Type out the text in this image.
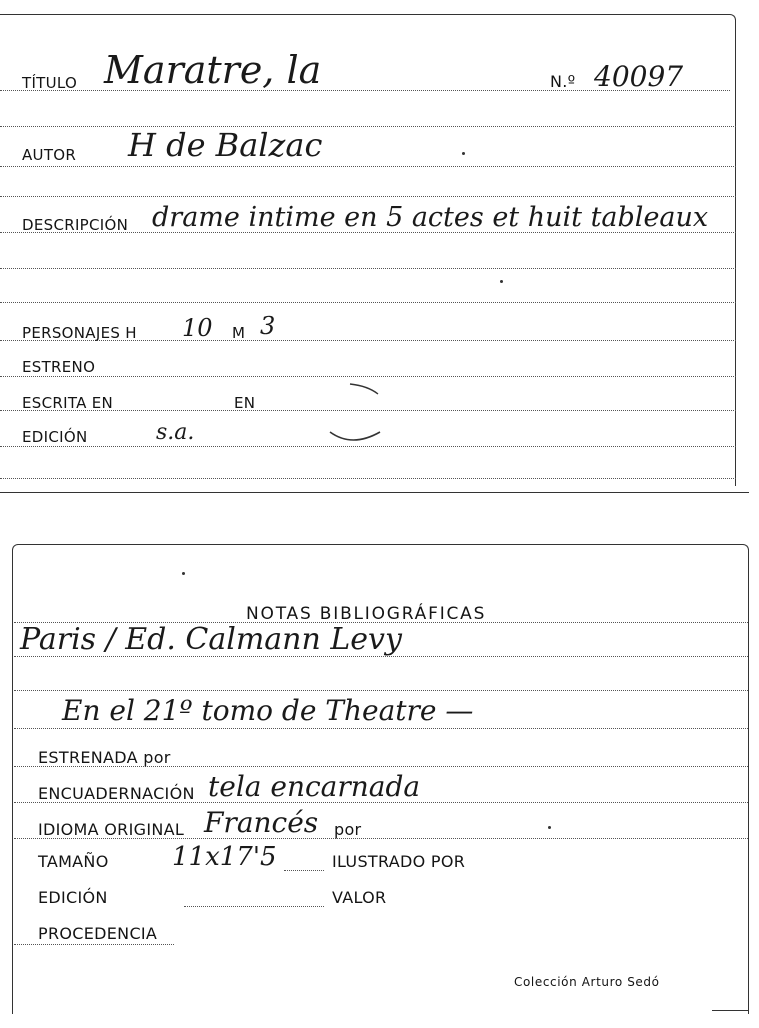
TÍTULO Maratre, la	N.º 40097
AUTOR H de Balzac
DESCRIPCIÓN drame intime en 5 actes et huit tableaux
PERSONAJES H 10 M 3
ESTRENO
ESCRITA EN	EN
EDICIÓN	s.a.
NOTAS BIBLIOGRÁFICAS
Paris / Ed. Calmann Levy
En el 21º tomo de Theatre —
ESTRENADA por
ENCUADERNACIÓN tela encarnada
IDIOMA ORIGINAL Francés por
TAMAÑO 11x17'5	ILUSTRADO POR
EDICIÓN	VALOR
PROCEDENCIA
Colección Arturo Sedó
